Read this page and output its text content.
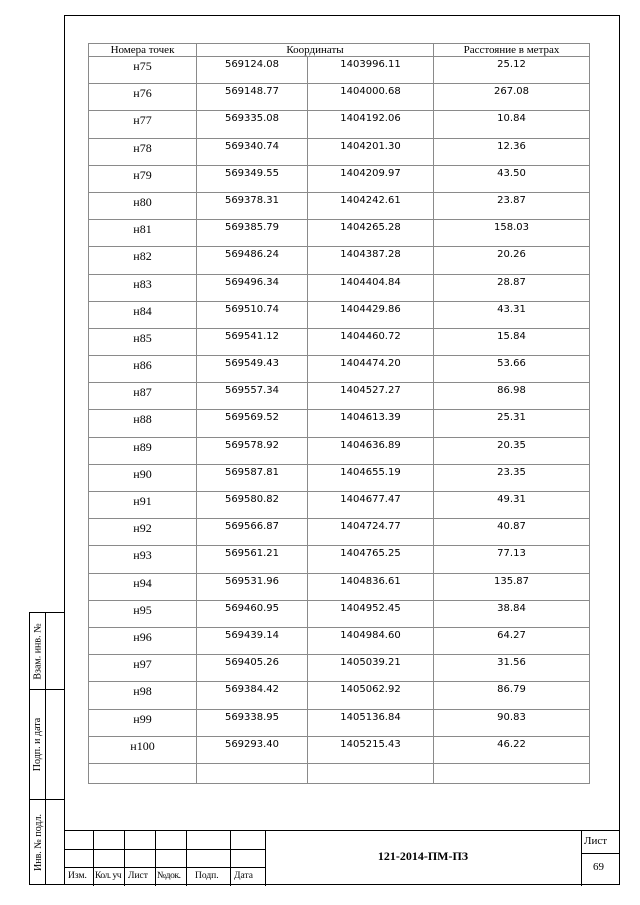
Взам. инв. №
Подп. и дата
Инв. № подл.
Номера точек	Координаты		Расстояние в метрах
н75	569124.08	1403996.11	25.12
н76	569148.77	1404000.68	267.08
н77	569335.08	1404192.06	10.84
н78	569340.74	1404201.30	12.36
н79	569349.55	1404209.97	43.50
н80	569378.31	1404242.61	23.87
н81	569385.79	1404265.28	158.03
н82	569486.24	1404387.28	20.26
н83	569496.34	1404404.84	28.87
н84	569510.74	1404429.86	43.31
н85	569541.12	1404460.72	15.84
н86	569549.43	1404474.20	53.66
н87	569557.34	1404527.27	86.98
н88	569569.52	1404613.39	25.31
н89	569578.92	1404636.89	20.35
н90	569587.81	1404655.19	23.35
н91	569580.82	1404677.47	49.31
н92	569566.87	1404724.77	40.87
н93	569561.21	1404765.25	77.13
н94	569531.96	1404836.61	135.87
н95	569460.95	1404952.45	38.84
н96	569439.14	1404984.60	64.27
н97	569405.26	1405039.21	31.56
н98	569384.42	1405062.92	86.79
н99	569338.95	1405136.84	90.83
н100	569293.40	1405215.43	46.22

Изм. Кол. уч Лист №док. Подп. Дата
121-2014-ПМ-ПЗ
Лист
69
